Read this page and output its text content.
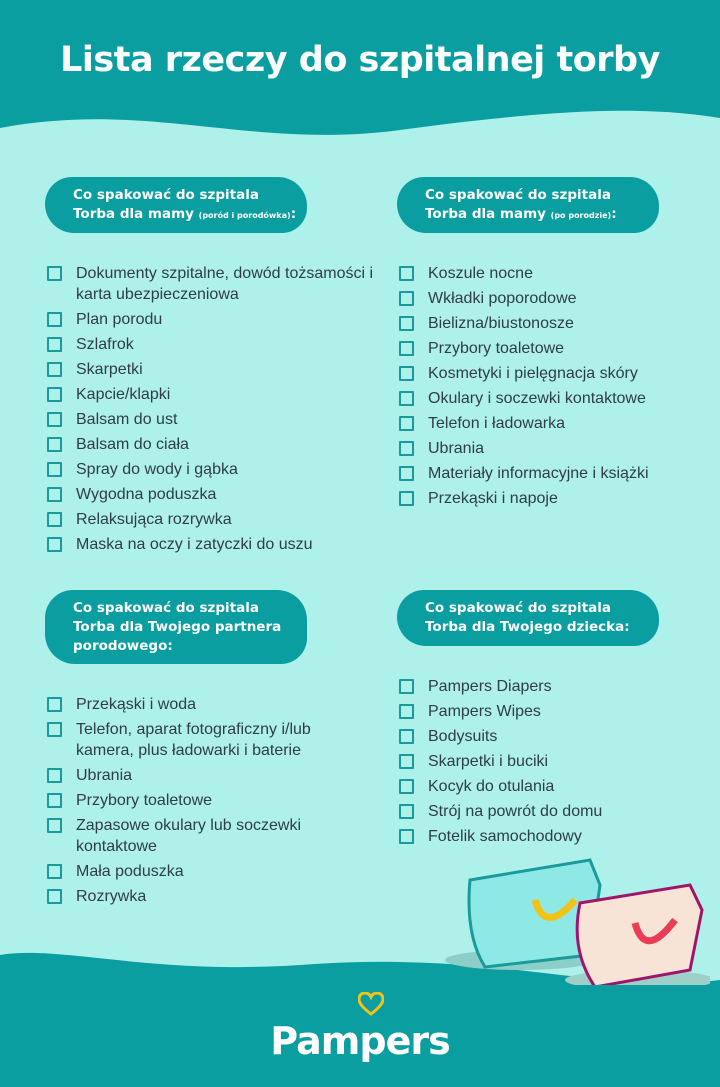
Lista rzeczy do szpitalnej torby
Co spakować do szpitala
Torba dla mamy (poród i porodówka):
Dokumenty szpitalne, dowód tożsamości i karta ubezpieczeniowa
Plan porodu
Szlafrok
Skarpetki
Kapcie/klapki
Balsam do ust
Balsam do ciała
Spray do wody i gąbka
Wygodna poduszka
Relaksująca rozrywka
Maska na oczy i zatyczki do uszu
Co spakować do szpitala
Torba dla mamy (po porodzie):
Koszule nocne
Wkładki poporodowe
Bielizna/biustonosze
Przybory toaletowe
Kosmetyki i pielęgnacja skóry
Okulary i soczewki kontaktowe
Telefon i ładowarka
Ubrania
Materiały informacyjne i książki
Przekąski i napoje
Co spakować do szpitala
Torba dla Twojego partnera porodowego:
Przekąski i woda
Telefon, aparat fotograficzny i/lub kamera, plus ładowarki i baterie
Ubrania
Przybory toaletowe
Zapasowe okulary lub soczewki kontaktowe
Mała poduszka
Rozrywka
Co spakować do szpitala
Torba dla Twojego dziecka:
Pampers Diapers
Pampers Wipes
Bodysuits
Skarpetki i buciki
Kocyk do otulania
Strój na powrót do domu
Fotelik samochodowy
Pampers
